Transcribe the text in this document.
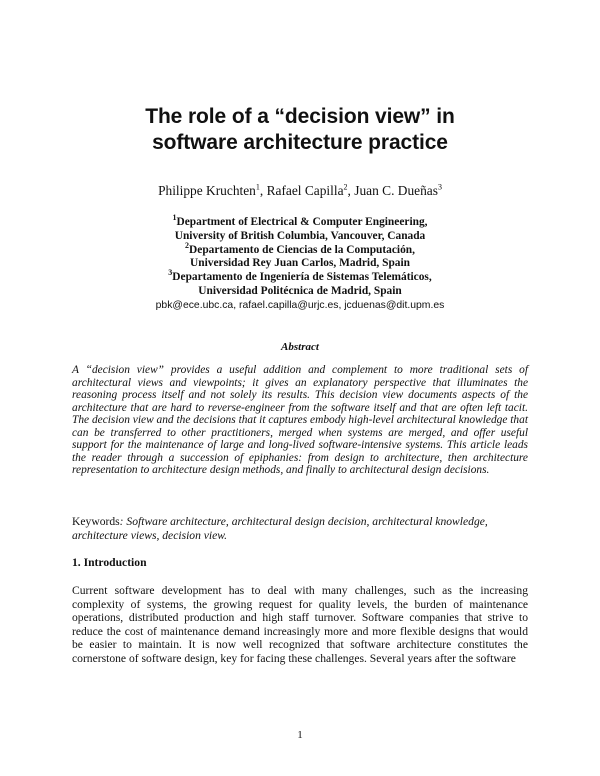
The role of a “decision view” in
software architecture practice
Philippe Kruchten$^1$, Rafael Capilla$^2$, Juan C. Dueñas$^3$
$^1$Department of Electrical & Computer Engineering,
University of British Columbia, Vancouver, Canada
$^2$Departamento de Ciencias de la Computación,
Universidad Rey Juan Carlos, Madrid, Spain
$^3$Departamento de Ingeniería de Sistemas Telemáticos,
Universidad Politécnica de Madrid, Spain
pbk@ece.ubc.ca, rafael.capilla@urjc.es, jcduenas@dit.upm.es
Abstract

A “decision view” provides a useful addition and complement to more traditional sets of architectural views and viewpoints; it gives an explanatory perspective that illuminates the reasoning process itself and not solely its results. This decision view documents aspects of the architecture that are hard to reverse-engineer from the software itself and that are often left tacit. The decision view and the decisions that it captures embody high-level architectural knowledge that can be transferred to other practitioners, merged when systems are merged, and offer useful support for the maintenance of large and long-lived software-intensive systems. This article leads the reader through a succession of epiphanies: from design to architecture, then architecture representation to architecture design methods, and finally to architectural design decisions.

Keywords: Software architecture, architectural design decision, architectural knowledge, architecture views, decision view.

1. Introduction

Current software development has to deal with many challenges, such as the increasing complexity of systems, the growing request for quality levels, the burden of maintenance operations, distributed production and high staff turnover. Software companies that strive to reduce the cost of maintenance demand increasingly more and more flexible designs that would be easier to maintain. It is now well recognized that software architecture constitutes the cornerstone of software design, key for facing these challenges. Several years after the software

1
